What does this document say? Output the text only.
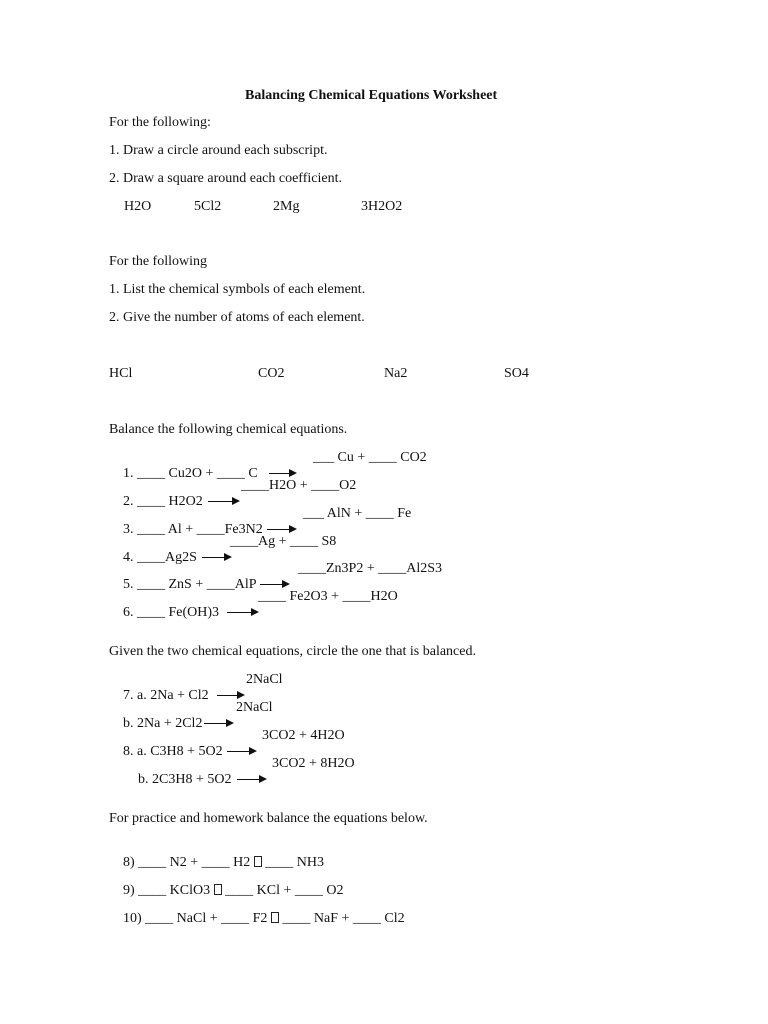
Balancing Chemical Equations Worksheet
For the following:
1. Draw a circle around each subscript.
2. Draw a square around each coefficient.
H2O	5Cl2	2Mg	3H2O2
For the following
1. List the chemical symbols of each element.
2. Give the number of atoms of each element.
HCl	CO2	Na2	SO4
Balance the following chemical equations.

1. ____ Cu2O + ____ C

___ Cu + ____ CO2

2. ____ H2O2

____H2O + ____O2

3. ____ Al + ____Fe3N2

___ AlN + ____ Fe

4. ____Ag2S

____Ag + ____ S8

5. ____ ZnS + ____AlP

____Zn3P2 + ____Al2S3

6. ____ Fe(OH)3

____ Fe2O3 + ____H2O
Given the two chemical equations, circle the one that is balanced.

7. a. 2Na + Cl2

2NaCl

b. 2Na + 2Cl2

2NaCl

8. a. C3H8 + 5O2

3CO2 + 4H2O

b. 2C3H8 + 5O2

3CO2 + 8H2O
For practice and homework balance the equations below.

8) ____ N2 + ____ H2 ____ NH3

9) ____ KClO3 ____ KCl + ____ O2

10) ____ NaCl + ____ F2 ____ NaF + ____ Cl2
